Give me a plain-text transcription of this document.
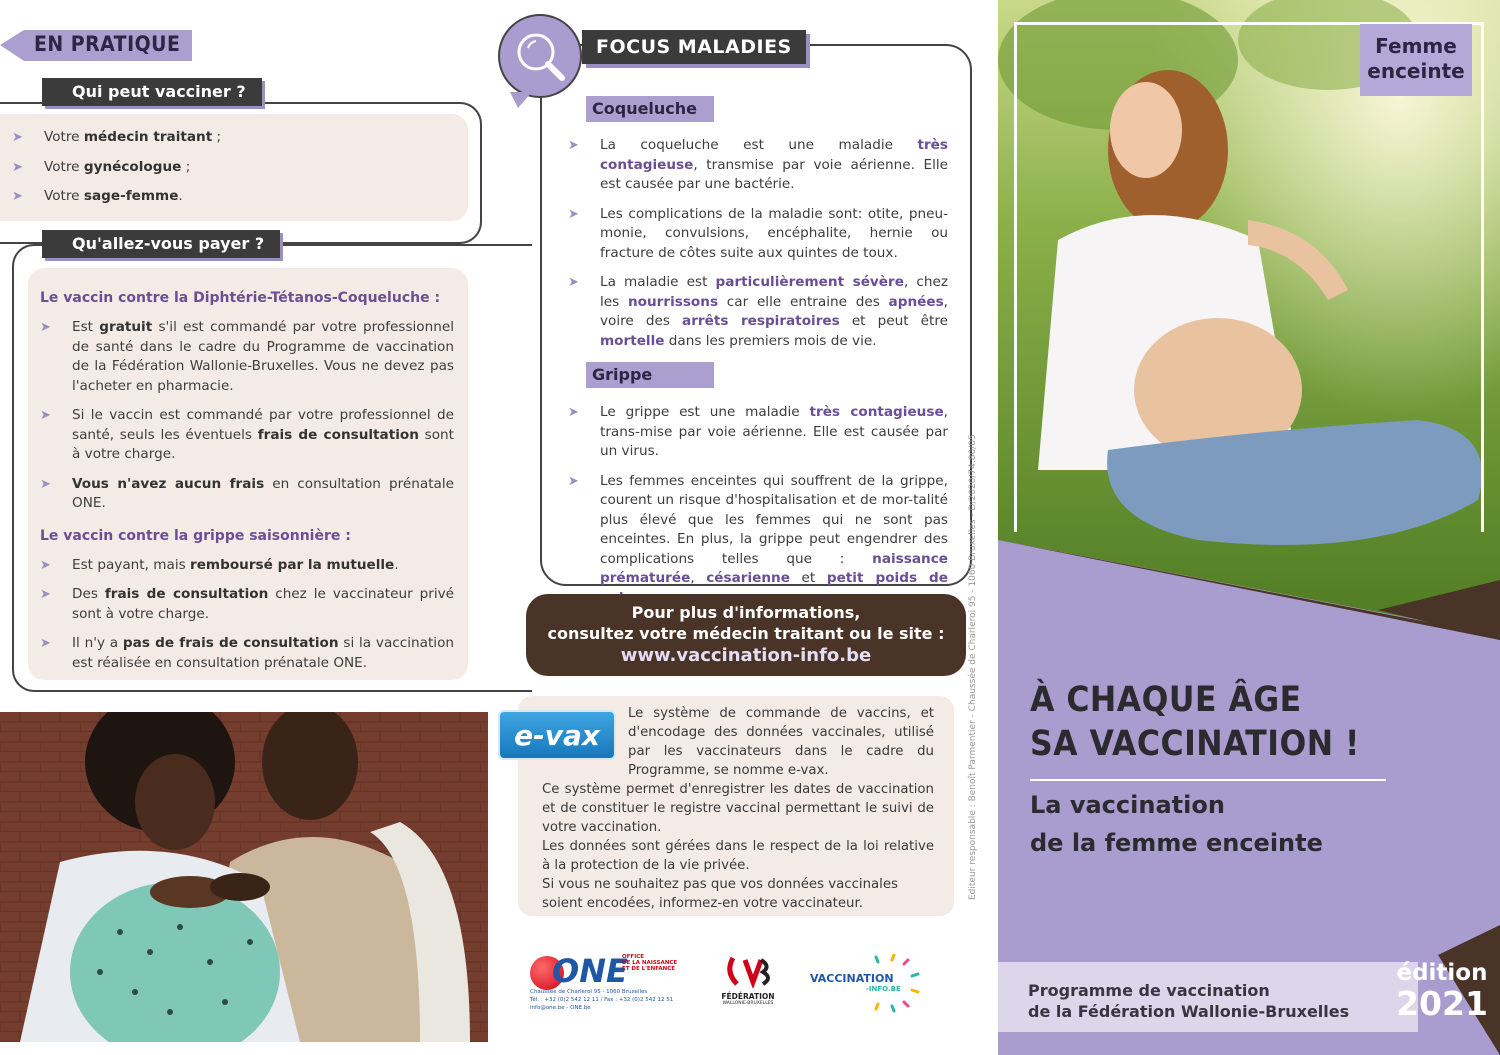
EN PRATIQUE
➤ Votre médecin traitant ;
➤ Votre gynécologue ;
➤ Votre sage-femme.
Qui peut vacciner ?
Le vaccin contre la Diphtérie-Tétanos-Coqueluche :
➤ Est gratuit s'il est commandé par votre professionnel de santé dans le cadre du Programme de vaccination de la Fédération Wallonie-Bruxelles. Vous ne devez pas l'acheter en pharmacie.
➤ Si le vaccin est commandé par votre professionnel de santé, seuls les éventuels frais de consultation sont à votre charge.
➤ Vous n'avez aucun frais en consultation prénatale ONE.
Le vaccin contre la grippe saisonnière :
➤ Est payant, mais remboursé par la mutuelle.
➤ Des frais de consultation chez le vaccinateur privé sont à votre charge.
➤ Il n'y a pas de frais de consultation si la vaccination est réalisée en consultation prénatale ONE.
Qu'allez-vous payer ?
FOCUS MALADIES
Coqueluche
➤ La coqueluche est une maladie très contagieuse, transmise par voie aérienne. Elle est causée par une bactérie.
➤ Les complications de la maladie sont: otite, pneu-monie, convulsions, encéphalite, hernie ou fracture de côtes suite aux quintes de toux.
➤ La maladie est particulièrement sévère, chez les nourrissons car elle entraine des apnées, voire des arrêts respiratoires et peut être mortelle dans les premiers mois de vie.
Grippe
➤ Le grippe est une maladie très contagieuse, trans-mise par voie aérienne. Elle est causée par un virus.
➤ Les femmes enceintes qui souffrent de la grippe, courent un risque d'hospitalisation et de mor-talité plus élevé que les femmes qui ne sont pas enceintes. En plus, la grippe peut engendrer des complications telles que : naissance prématurée, césarienne et petit poids de
Pour plus d'informations,
consultez votre médecin traitant ou le site :
www.vaccination-info.be
Le système de commande de vaccins, et d'encodage des données vaccinales, utilisé par les vaccinateurs dans le cadre du Programme, se nomme e-vax.
Ce système permet d'enregistrer les dates de vaccination et de constituer le registre vaccinal permettant le suivi de votre vaccination.
Les données sont gérées dans le respect de la loi relative à la protection de la vie privée.
Si vous ne souhaitez pas que vos données vaccinales soient encodées, informez-en votre vaccinateur.
e-vax	Editeur responsable : Benoît Parmentier - Chaussée de Charleroi 95 - 1060 Bruxelles - D/2020/74.80/05
ONE
OFFICE
DE LA NAISSANCE
ET DE L'ENFANCE
Chaussée de Charleroi 95 - 1060 Bruxelles
Tél. : +32 (0)2 542 12 11 / Fax : +32 (0)2 542 12 51
info@one.be - ONE.be
FÉDÉRATION
WALLONIE-BRUXELLES
VACCINATION
-INFO.BE
Femme
enceinte
À CHAQUE ÂGE
SA VACCINATION !
La vaccination
de la femme enceinte
Programme de vaccination
de la Fédération Wallonie-Bruxelles
édition
2021
